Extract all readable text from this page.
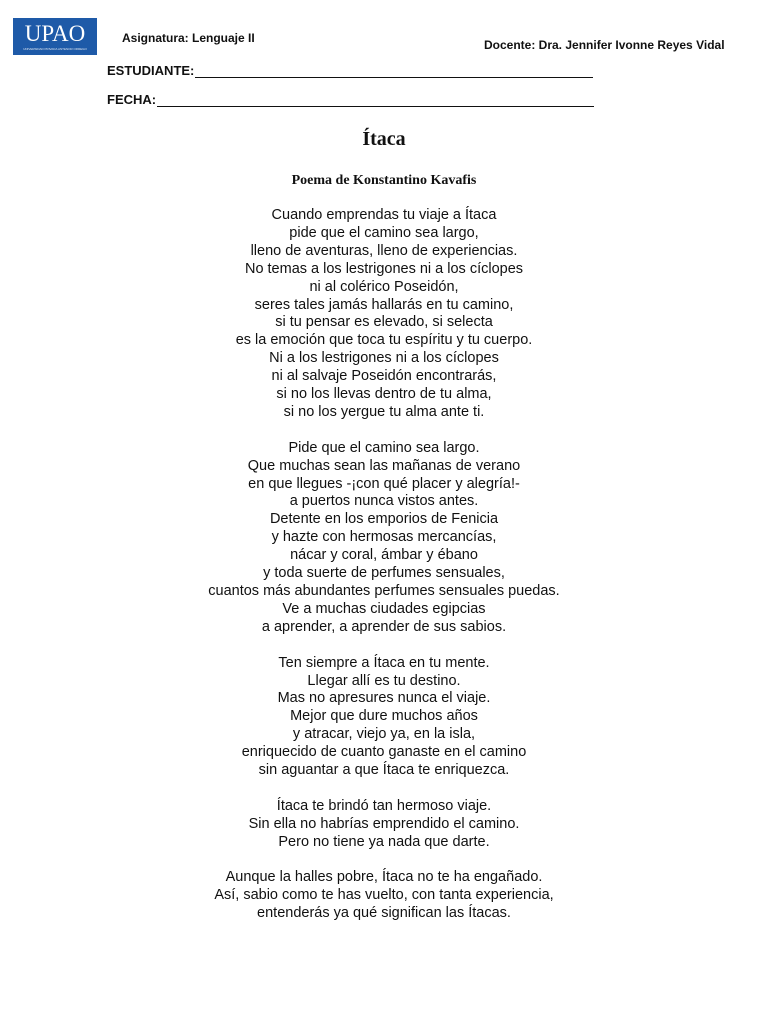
UPAO
UNIVERSIDAD PRIVADA ANTENOR ORREGO
Asignatura: Lenguaje II	Docente: Dra. Jennifer Ivonne Reyes Vidal
ESTUDIANTE:
FECHA:
Ítaca
Poema de Konstantino Kavafis
Cuando emprendas tu viaje a Ítaca
pide que el camino sea largo,
lleno de aventuras, lleno de experiencias.
No temas a los lestrigones ni a los cíclopes
ni al colérico Poseidón,
seres tales jamás hallarás en tu camino,
si tu pensar es elevado, si selecta
es la emoción que toca tu espíritu y tu cuerpo.
Ni a los lestrigones ni a los cíclopes
ni al salvaje Poseidón encontrarás,
si no los llevas dentro de tu alma,
si no los yergue tu alma ante ti.
Pide que el camino sea largo.
Que muchas sean las mañanas de verano
en que llegues -¡con qué placer y alegría!-
a puertos nunca vistos antes.
Detente en los emporios de Fenicia
y hazte con hermosas mercancías,
nácar y coral, ámbar y ébano
y toda suerte de perfumes sensuales,
cuantos más abundantes perfumes sensuales puedas.
Ve a muchas ciudades egipcias
a aprender, a aprender de sus sabios.
Ten siempre a Ítaca en tu mente.
Llegar allí es tu destino.
Mas no apresures nunca el viaje.
Mejor que dure muchos años
y atracar, viejo ya, en la isla,
enriquecido de cuanto ganaste en el camino
sin aguantar a que Ítaca te enriquezca.
Ítaca te brindó tan hermoso viaje.
Sin ella no habrías emprendido el camino.
Pero no tiene ya nada que darte.
Aunque la halles pobre, Ítaca no te ha engañado.
Así, sabio como te has vuelto, con tanta experiencia,
entenderás ya qué significan las Ítacas.
